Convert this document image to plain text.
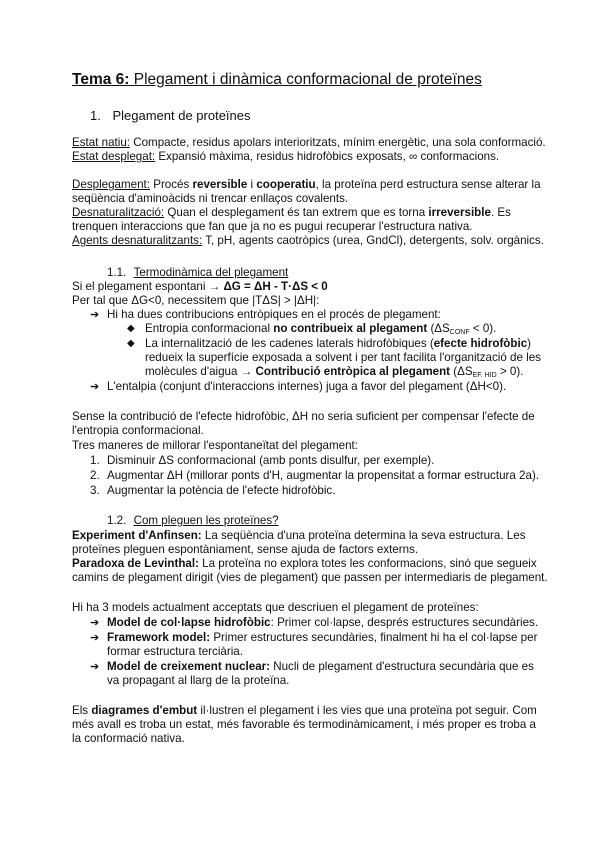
Tema 6: Plegament i dinàmica conformacional de proteïnes
1. Plegament de proteïnes
Estat natiu: Compacte, residus apolars interioritzats, mínim energètic, una sola conformació.
Estat desplegat: Expansió màxima, residus hidrofòbics exposats, ∞ conformacions.
Desplegament: Procés reversible i cooperatiu, la proteïna perd estructura sense alterar la
seqüència d'aminoàcids ni trencar enllaços covalents.
Desnaturalització: Quan el desplegament és tan extrem que es torna irreversible. Es
trenquen interaccions que fan que ja no es pugui recuperar l'estructura nativa.
Agents desnaturalitzants: T, pH, agents caotròpics (urea, GndCl), detergents, solv. orgànics.
1.1. Termodinàmica del plegament
Si el plegament espontani → ΔG = ΔH - T·ΔS < 0
Per tal que ΔG<0, necessitem que |TΔS| > |ΔH|:
➔ Hi ha dues contribucions entròpiques en el procés de plegament:
◆ Entropia conformacional no contribueix al plegament $(\Delta S_{CONF} < 0)$.
◆ La internalització de les cadenes laterals hidrofòbiques (efecte hidrofòbic)
redueix la superfície exposada a solvent i per tant facilita l'organització de les
molècules d'aigua → Contribució entròpica al plegament $(\Delta S_{EF. HID} > 0)$.
➔ L'entalpia (conjunt d'interaccions internes) juga a favor del plegament (ΔH<0).
Sense la contribució de l'efecte hidrofòbic, ΔH no seria suficient per compensar l'efecte de
l'entropia conformacional.
Tres maneres de millorar l'espontaneïtat del plegament:
1. Disminuir ΔS conformacional (amb ponts disulfur, per exemple).
2. Augmentar ΔH (millorar ponts d'H, augmentar la propensitat a formar estructura 2a).
3. Augmentar la potència de l'efecte hidrofòbic.
1.2. Com pleguen les proteïnes?
Experiment d'Anfinsen: La seqüència d'una proteïna determina la seva estructura. Les
proteïnes pleguen espontàniament, sense ajuda de factors externs.
Paradoxa de Levinthal: La proteïna no explora totes les conformacions, sinó que segueix
camins de plegament dirigit (vies de plegament) que passen per intermediaris de plegament.
Hi ha 3 models actualment acceptats que descriuen el plegament de proteïnes:
➔ Model de col·lapse hidrofòbic: Primer col·lapse, després estructures secundàries.
➔ Framework model: Primer estructures secundàries, finalment hi ha el col·lapse per
formar estructura terciària.
➔ Model de creixement nuclear: Nucli de plegament d'estructura secundària que es
va propagant al llarg de la proteïna.
Els diagrames d'embut il·lustren el plegament i les vies que una proteïna pot seguir. Com
més avall es troba un estat, més favorable és termodinàmicament, i més proper es troba a
la conformació nativa.
